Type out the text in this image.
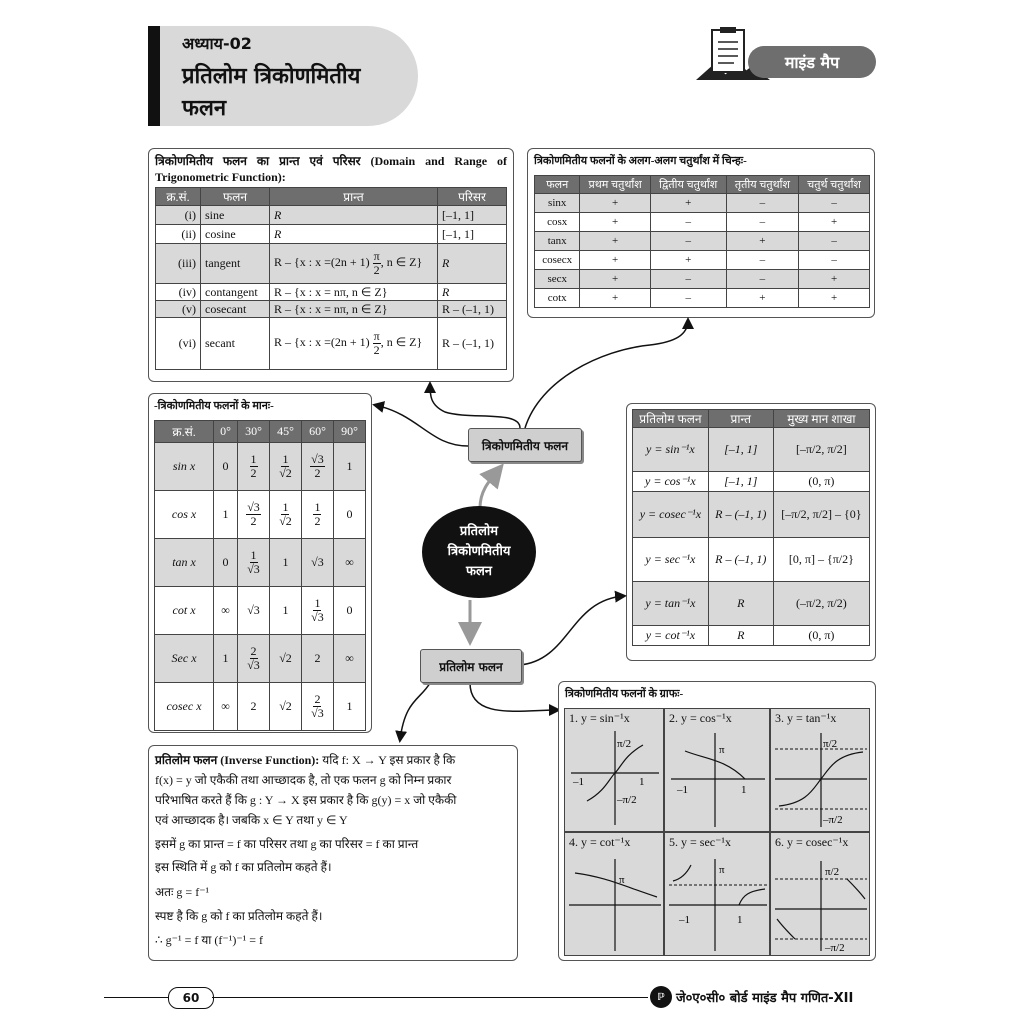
अध्याय-02
प्रतिलोम त्रिकोणमितीय
फलन
माइंड मैप
त्रिकोणमितीय फलन का प्रान्त एवं परिसर (Domain and Range of Trigonometric Function):
क्र.सं.	फलन	प्रान्त	परिसर
(i)	sine	R	[–1, 1]
(ii)	cosine	R	[–1, 1]
(iii)	tangent	R – {x : $x =(2n + 1) \frac{\pi}{2}$ , n ∈ Z}	R
(iv)	contangent	R – {x : x = nπ, n ∈ Z}	R
(v)	cosecant	R – {x : x = nπ, n ∈ Z}	R – (–1, 1)
(vi)	secant	R – {x : $x =(2n + 1) \frac{\pi}{2}$ , n ∈ Z}	R – (–1, 1)
त्रिकोणमितीय फलनों के अलग-अलग चतुर्थांश में चिन्हः-
फलन	प्रथम चतुर्थांश	द्वितीय चतुर्थांश	तृतीय चतुर्थांश	चतुर्थ चतुर्थांश
sinx	+	+	–	–
cosx	+	–	–	+
tanx	+	–	+	–
cosecx	+	+	–	–
secx	+	–	–	+
cotx	+	–	+	+
-त्रिकोणमितीय फलनों के मानः-
क्र.सं.	0°	30°	45°	60°	90°
sin x	0	$\frac{1}{2}$	$\frac{1}{√2}$	$\frac{√3}{2}$	1
cos x	1	$\frac{√3}{2}$	$\frac{1}{√2}$	$\frac{1}{2}$	0
tan x	0	$\frac{1}{√3}$	1	√3	∞
cot x	∞	√3	1	$\frac{1}{√3}$	0
Sec x	1	$\frac{2}{√3}$	√2	2	∞
cosec x	∞	2	√2	$\frac{2}{√3}$	1
प्रतिलोम फलन	प्रान्त	मुख्य मान शाखा
y = sin⁻¹x	[–1, 1]	[–π/2, π/2]
y = cos⁻¹x	[–1, 1]	(0, π)
y = cosec⁻¹x	R – (–1, 1)	[–π/2, π/2] – {0}
y = sec⁻¹x	R – (–1, 1)	[0, π] – {π/2}
y = tan⁻¹x	R	(–π/2, π/2)
y = cot⁻¹x	R	(0, π)
प्रतिलोम
त्रिकोणमितीय
फलन
त्रिकोणमितीय फलन
प्रतिलोम फलन
त्रिकोणमितीय फलनों के ग्राफः-
1. y = sin⁻¹x
π/2
–1	1
–π/2
2. y = cos⁻¹x
π
–1	1
3. y = tan⁻¹x
π/2
–π/2
4. y = cot⁻¹x
π
5. y = sec⁻¹x
π
–1	1
6. y = cosec⁻¹x
π/2
–π/2
प्रतिलोम फलन (Inverse Function): यदि f: X → Y इस प्रकार है कि
f(x) = y जो एकैकी तथा आच्छादक है, तो एक फलन g को निम्न प्रकार
परिभाषित करते हैं कि g : Y → X इस प्रकार है कि g(y) = x जो एकैकी
एवं आच्छादक है। जबकि x ∈ Y तथा y ∈ Y
इसमें g का प्रान्त = f का परिसर तथा g का परिसर = f का प्रान्त
इस स्थिति में g को f का प्रतिलोम कहते हैं।
अतः g = f⁻¹
स्पष्ट है कि g को f का प्रतिलोम कहते हैं।
∴ g⁻¹ = f या (f⁻¹)⁻¹ = f
60	ℙ जे०ए०सी० बोर्ड माइंड मैप गणित-XII
